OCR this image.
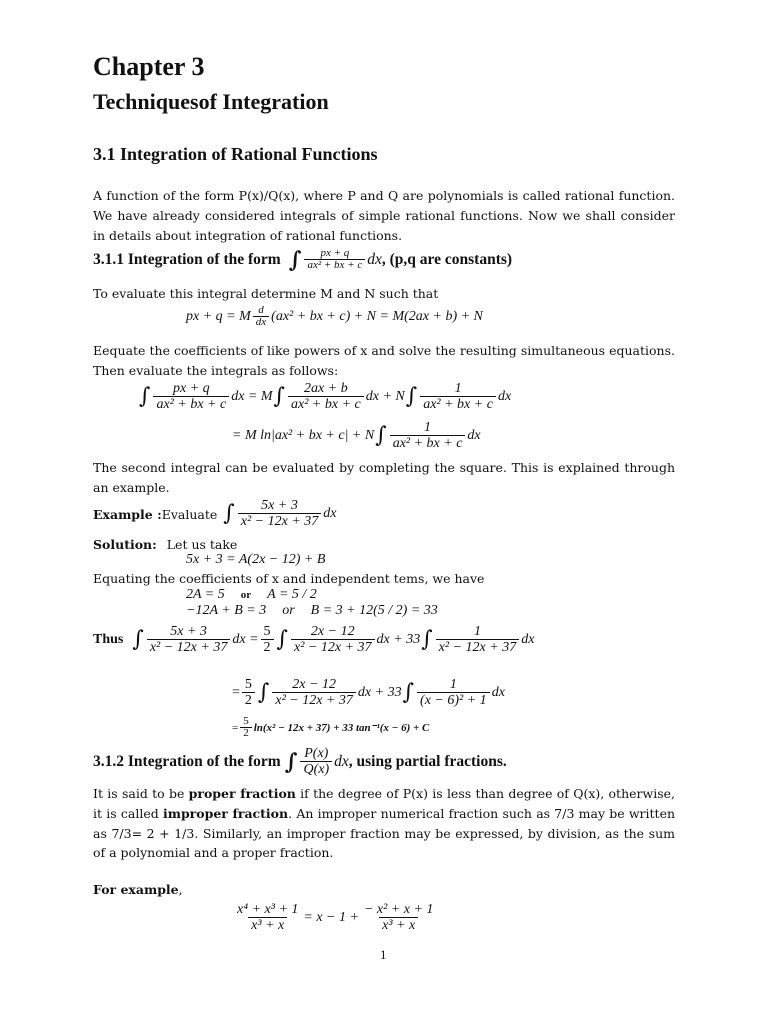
Chapter 3
Techniquesof Integration
3.1 Integration of Rational Functions
A function of the form P(x)/Q(x), where P and Q are polynomials is called rational function. We have already considered integrals of simple rational functions. Now we shall consider in details about integration of rational functions.
3.1.1 Integration of the form ∫ $\frac{px + q}{\text{ax² + bx + c}}$ dx , (p,q are constants)
To evaluate this integral determine M and N such that
px + q = M $\frac{d}{dx} (ax^2$ + bx + c) + N = M(2ax + b) + N
Eequate the coefficients of like powers of x and solve the resulting simultaneous equations. Then evaluate the integrals as follows:
∫ $\frac{px + q}{\text{ax² + bx + c}}$ dx = M ∫ $\frac{2ax + b}{\text{ax² + bx + c}}$ dx + N ∫ $\frac{1}{\text{ax² + bx + c}}$ dx
= M ln|ax² + bx + c| + N ∫ $\frac{1}{\text{ax² + bx + c}}$ dx
The second integral can be evaluated by completing the square. This is explained through an example.
Example : Evaluate ∫ $\frac{5x + 3}{\text{x² − 12x + 37}}$ dx
Solution: Let us take
5x + 3 = A(2x − 12) + B
Equating the coefficients of x and independent tems, we have
2A = 5 or A = 5 / 2
−12A + B = 3 or B = 3 + 12(5 / 2) = 33
Thus ∫ $\frac{5x + 3}{\text{x² − 12x + 37}}$ dx = $\frac{5}{2}$ ∫ $\frac{2x - 12}{\text{x² − 12x + 37}}$ dx + 33 ∫ $\frac{1}{\text{x² − 12x + 37}}$ dx
= $\frac{5}{2}$ ∫ $\frac{2x - 12}{\text{x² − 12x + 37}}$ dx + 33 ∫ $\frac{1}{\text{(x − 6)² + 1}}$ dx
= $\frac{5}{2} \ln(x^2 - 12x + 37) + 33$ tan⁻¹(x − 6) + C
3.1.2 Integration of the form ∫ $\frac{P(x)}{Q(x)}$ dx , using partial fractions.
It is said to be proper fraction if the degree of P(x) is less than degree of Q(x), otherwise, it is called improper fraction. An improper numerical fraction such as 7/3 may be written as 7/3= 2 + 1/3. Similarly, an improper fraction may be expressed, by division, as the sum of a polynomial and a proper fraction.
For example,
$\frac{\text{x⁴ + x³ + 1}}{\text{x³ + x}} = x - 1 + \frac{\text{− x² + x + 1}}{\text{x³ + x}}$
1
